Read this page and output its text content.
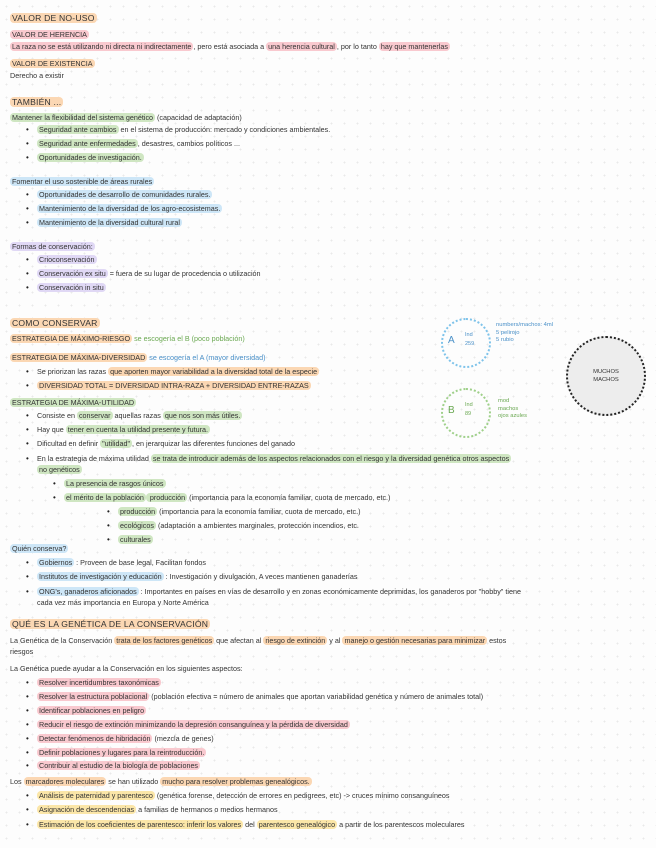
VALOR DE NO-USO
VALOR DE HERENCIA
La raza no se está utilizando ni directa ni indirectamente , pero está asociada a una herencia cultural , por lo tanto hay que mantenerlas
VALOR DE EXISTENCIA
Derecho a existir
TAMBIÉN ...
Mantener la flexibilidad del sistema genético (capacidad de adaptación)
• Seguridad ante cambios en el sistema de producción: mercado y condiciones ambientales.
• Seguridad ante enfermedades , desastres, cambios políticos ...
• Oportunidades de investigación.
Fomentar el uso sostenible de áreas rurales
• Oportunidades de desarrollo de comunidades rurales.
• Mantenimiento de la diversidad de los agro-ecosistemas.
• Mantenimiento de la diversidad cultural rural
Formas de conservación:
• Crioconservación
• Conservación ex situ = fuera de su lugar de procedencia o utilización
• Conservación in situ
COMO CONSERVAR
ESTRATEGIA DE MÁXIMO-RIESGO se escogería el B (poco población)
ESTRATEGIA DE MÁXIMA-DIVERSIDAD se escogería el A (mayor diversidad)
• Se priorizan las razas que aporten mayor variabilidad a la diversidad total de la especie
• DIVERSIDAD TOTAL = DIVERSIDAD INTRA-RAZA + DIVERSIDAD ENTRE-RAZAS
ESTRATEGIA DE MÁXIMA-UTILIDAD
• Consiste en conservar aquellas razas que nos son más útiles.
• Hay que tener en cuenta la utilidad presente y futura.
• Dificultad en definir "utilidad" , en jerarquizar las diferentes funciones del ganado
• En la estrategia de máxima utilidad se trata de introducir además de los aspectos relacionados con el riesgo y la diversidad genética otros aspectos
no genéticos
• La presencia de rasgos únicos
• el mérito de la población producción (importancia para la economía familiar, cuota de mercado, etc.)
• producción (importancia para la economía familiar, cuota de mercado, etc.)
• ecológicos (adaptación a ambientes marginales, protección incendios, etc.
• culturales
Quién conserva?
• Gobiernos : Proveen de base legal, Facilitan fondos
• Institutos de investigación y educación : Investigación y divulgación, A veces mantienen ganaderías
• ONG's, ganaderos aficionados : Importantes en países en vías de desarrollo y en zonas económicamente deprimidas, los ganaderos por "hobby" tiene
cada vez más importancia en Europa y Norte América
A Ind
259
numbers/machos: 4ml
5 pelirojo
5 rubio
B Ind
89
mod
machos
ojos azules
MUCHOS
MACHOS
QUÉ ES LA GENÉTICA DE LA CONSERVACIÓN
La Genética de la Conservación trata de los factores genéticos que afectan al riesgo de extinción y al manejo o gestión necesarias para minimizar estos
riesgos
La Genética puede ayudar a la Conservación en los siguientes aspectos:
• Resolver incertidumbres taxonómicas
• Resolver la estructura poblacional (población efectiva = número de animales que aportan variabilidad genética y número de animales total)
• Identificar poblaciones en peligro
• Reducir el riesgo de extinción minimizando la depresión consanguínea y la pérdida de diversidad
• Detectar fenómenos de hibridación (mezcla de genes)
• Definir poblaciones y lugares para la reintroducción.
• Contribuir al estudio de la biología de poblaciones
Los marcadores moleculares se han utilizado mucho para resolver problemas genealógicos.
• Análisis de paternidad y parentesco (genética forense, detección de errores en pedigrees, etc) -> cruces mínimo consanguíneos
• Asignación de descendencias a familias de hermanos o medios hermanos
• Estimación de los coeficientes de parentesco: inferir los valores del parentesco genealógico a partir de los parentescos moleculares
